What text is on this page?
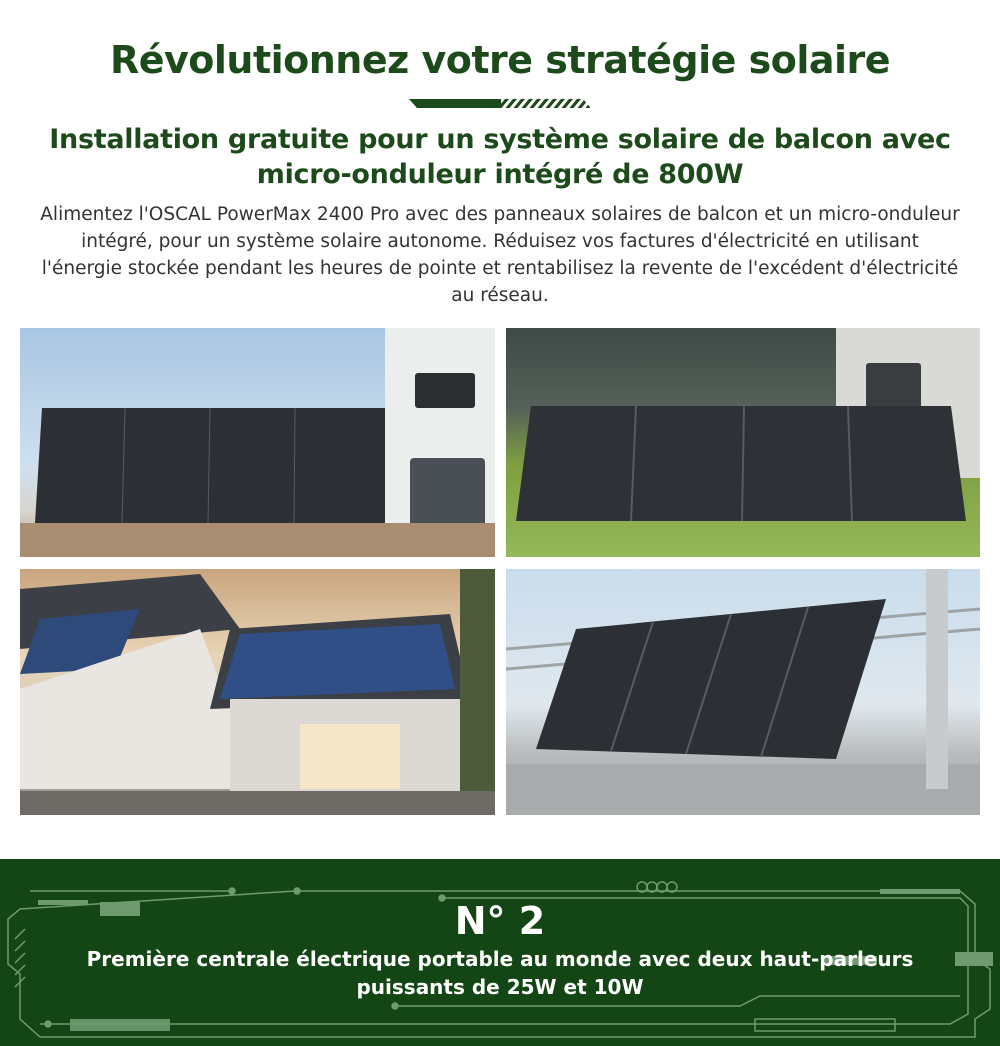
Révolutionnez votre stratégie solaire
Installation gratuite pour un système solaire de balcon avec
micro-onduleur intégré de 800W
Alimentez l'OSCAL PowerMax 2400 Pro avec des panneaux solaires de balcon et un micro-onduleur intégré, pour un système solaire autonome. Réduisez vos factures d'électricité en utilisant l'énergie stockée pendant les heures de pointe et rentabilisez la revente de l'excédent d'électricité au réseau.
N° 2
Première centrale électrique portable au monde avec deux haut-parleurs
puissants de 25W et 10W
